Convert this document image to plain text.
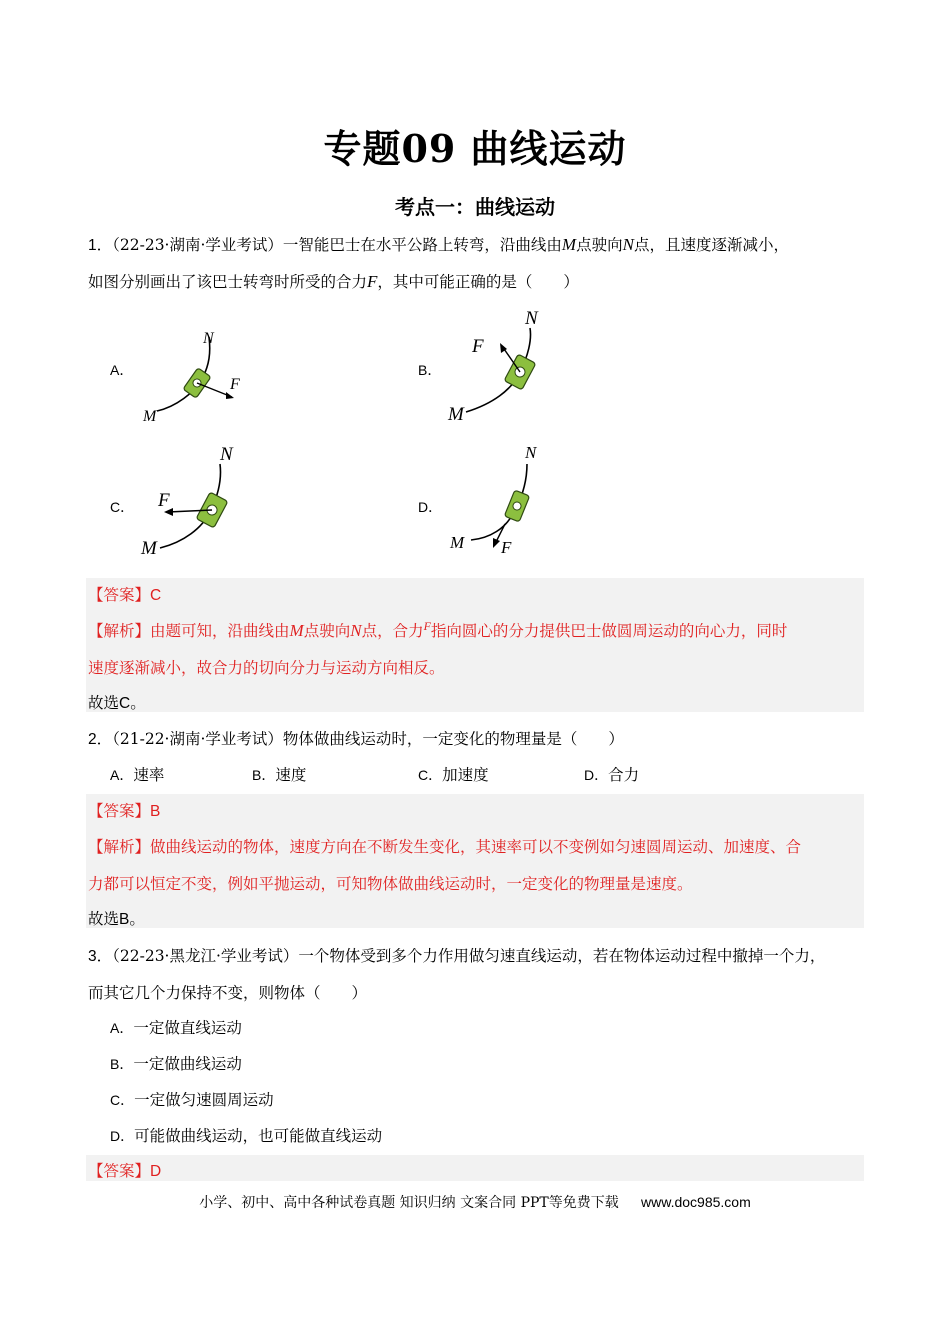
专题09 曲线运动
考点一：曲线运动
1．（22-23·湖南·学业考试）一智能巴士在水平公路上转弯，沿曲线由M点驶向N点，且速度逐渐减小，
如图分别画出了该巴士转弯时所受的合力F，其中可能正确的是（　　）
A．
N
M
F
B．
N
M
F
C．
N
M
F	D．
N
M F
【答案】C
【解析】由题可知，沿曲线由M点驶向N点，合力$^F$指向圆心的分力提供巴士做圆周运动的向心力，同时
速度逐渐减小，故合力的切向分力与运动方向相反。
故选C。
2．（21-22·湖南·学业考试）物体做曲线运动时，一定变化的物理量是（　　）
A．速率	B．速度	C．加速度	D．合力
【答案】B
【解析】做曲线运动的物体，速度方向在不断发生变化，其速率可以不变例如匀速圆周运动、加速度、合
力都可以恒定不变，例如平抛运动，可知物体做曲线运动时，一定变化的物理量是速度。
故选B。
3．（22-23·黑龙江·学业考试）一个物体受到多个力作用做匀速直线运动，若在物体运动过程中撤掉一个力，
而其它几个力保持不变，则物体（　　）
A．一定做直线运动
B．一定做曲线运动
C．一定做匀速圆周运动
D．可能做曲线运动，也可能做直线运动
【答案】D
小学、初中、高中各种试卷真题 知识归纳 文案合同 PPT等免费下载 www.doc985.com
